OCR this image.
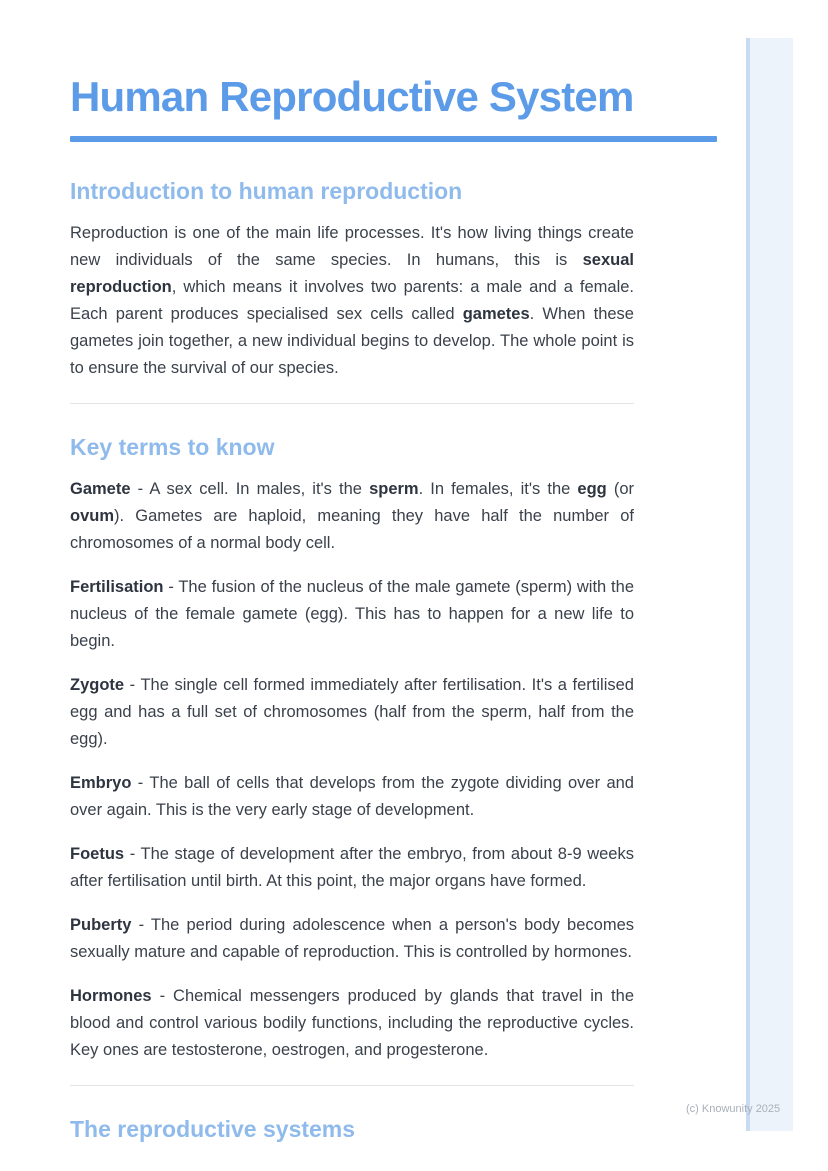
Human Reproductive System
Introduction to human reproduction

Reproduction is one of the main life processes. It's how living things create new individuals of the same species. In humans, this is sexual reproduction, which means it involves two parents: a male and a female. Each parent produces specialised sex cells called gametes. When these gametes join together, a new individual begins to develop. The whole point is to ensure the survival of our species.

Key terms to know

Gamete - A sex cell. In males, it's the sperm. In females, it's the egg (or ovum). Gametes are haploid, meaning they have half the number of chromosomes of a normal body cell.

Fertilisation - The fusion of the nucleus of the male gamete (sperm) with the nucleus of the female gamete (egg). This has to happen for a new life to begin.

Zygote - The single cell formed immediately after fertilisation. It's a fertilised egg and has a full set of chromosomes (half from the sperm, half from the egg).

Embryo - The ball of cells that develops from the zygote dividing over and over again. This is the very early stage of development.

Foetus - The stage of development after the embryo, from about 8-9 weeks after fertilisation until birth. At this point, the major organs have formed.

Puberty - The period during adolescence when a person's body becomes sexually mature and capable of reproduction. This is controlled by hormones.

Hormones - Chemical messengers produced by glands that travel in the blood and control various bodily functions, including the reproductive cycles. Key ones are testosterone, oestrogen, and progesterone.

The reproductive systems
(c) Knowunity 2025
